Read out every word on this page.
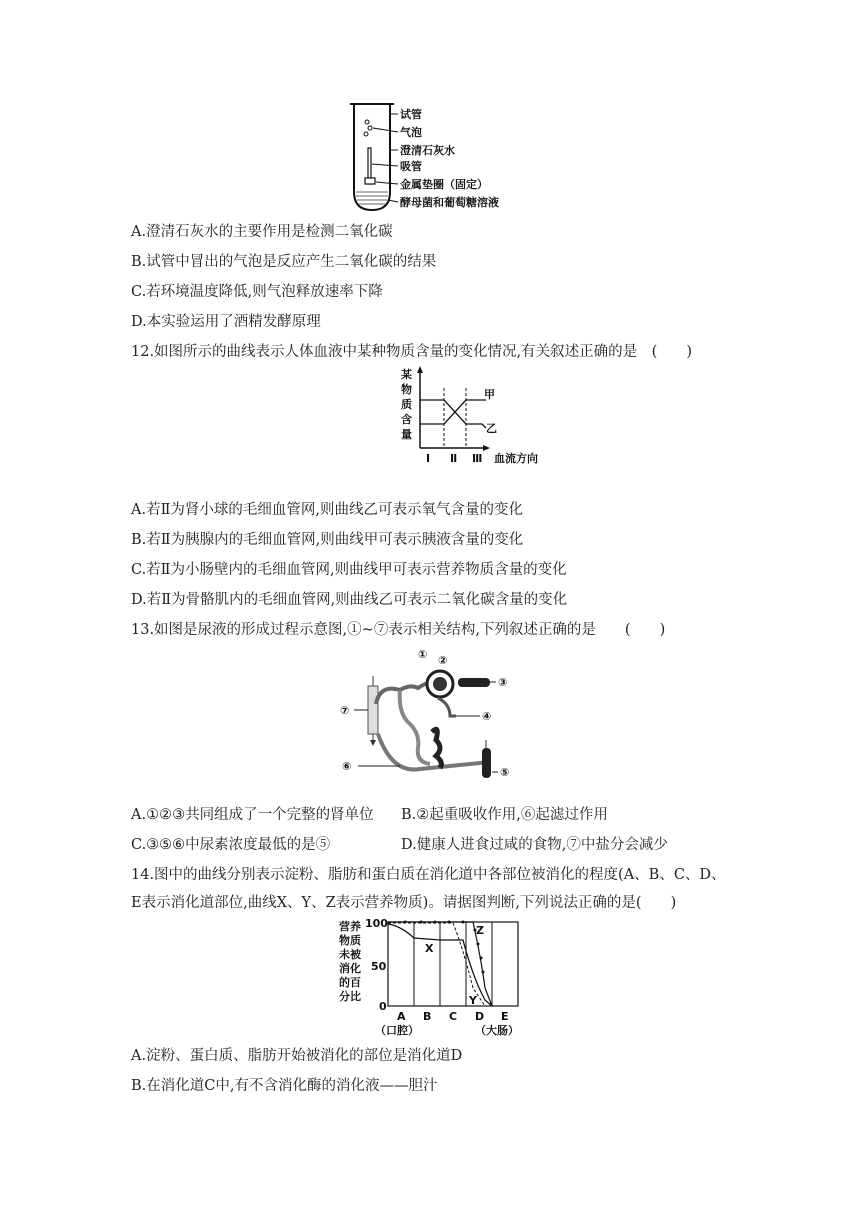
试管
气泡
澄清石灰水
吸管
金属垫圈（固定）
酵母菌和葡萄糖溶液
A.澄清石灰水的主要作用是检测二氧化碳
B.试管中冒出的气泡是反应产生二氧化碳的结果
C.若环境温度降低,则气泡释放速率下降
D.本实验运用了酒精发酵原理
12.如图所示的曲线表示人体血液中某种物质含量的变化情况,有关叙述正确的是　(　　)
某
物
质
含
量
甲
乙
Ⅰ Ⅱ Ⅲ 血流方向
A.若Ⅱ为肾小球的毛细血管网,则曲线乙可表示氧气含量的变化
B.若Ⅱ为胰腺内的毛细血管网,则曲线甲可表示胰液含量的变化
C.若Ⅱ为小肠壁内的毛细血管网,则曲线甲可表示营养物质含量的变化
D.若Ⅱ为骨骼肌内的毛细血管网,则曲线乙可表示二氧化碳含量的变化
13.如图是尿液的形成过程示意图,①~⑦表示相关结构,下列叙述正确的是　　(　　)
① ②
③
④
⑤
⑥
⑦
A.①②③共同组成了一个完整的肾单位 B.②起重吸收作用,⑥起滤过作用
C.③⑤⑥中尿素浓度最低的是⑤	D.健康人进食过咸的食物,⑦中盐分会减少
14.图中的曲线分别表示淀粉、脂肪和蛋白质在消化道中各部位被消化的程度(A、B、C、D、
E表示消化道部位,曲线X、Y、Z表示营养物质)。请据图判断,下列说法正确的是(　　)
营养
物质
未被
消化
的百
分比
100
50
0
X
Y
Z
A B C D E
（口腔）	（大肠）
A.淀粉、蛋白质、脂肪开始被消化的部位是消化道D
B.在消化道C中,有不含消化酶的消化液——胆汁
